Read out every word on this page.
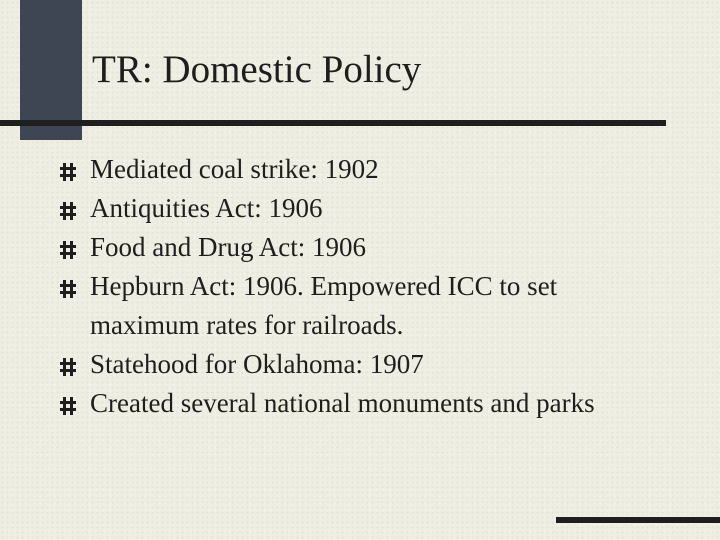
TR: Domestic Policy
Mediated coal strike: 1902
Antiquities Act: 1906
Food and Drug Act: 1906
Hepburn Act: 1906. Empowered ICC to set maximum rates for railroads.
Statehood for Oklahoma: 1907
Created several national monuments and parks
